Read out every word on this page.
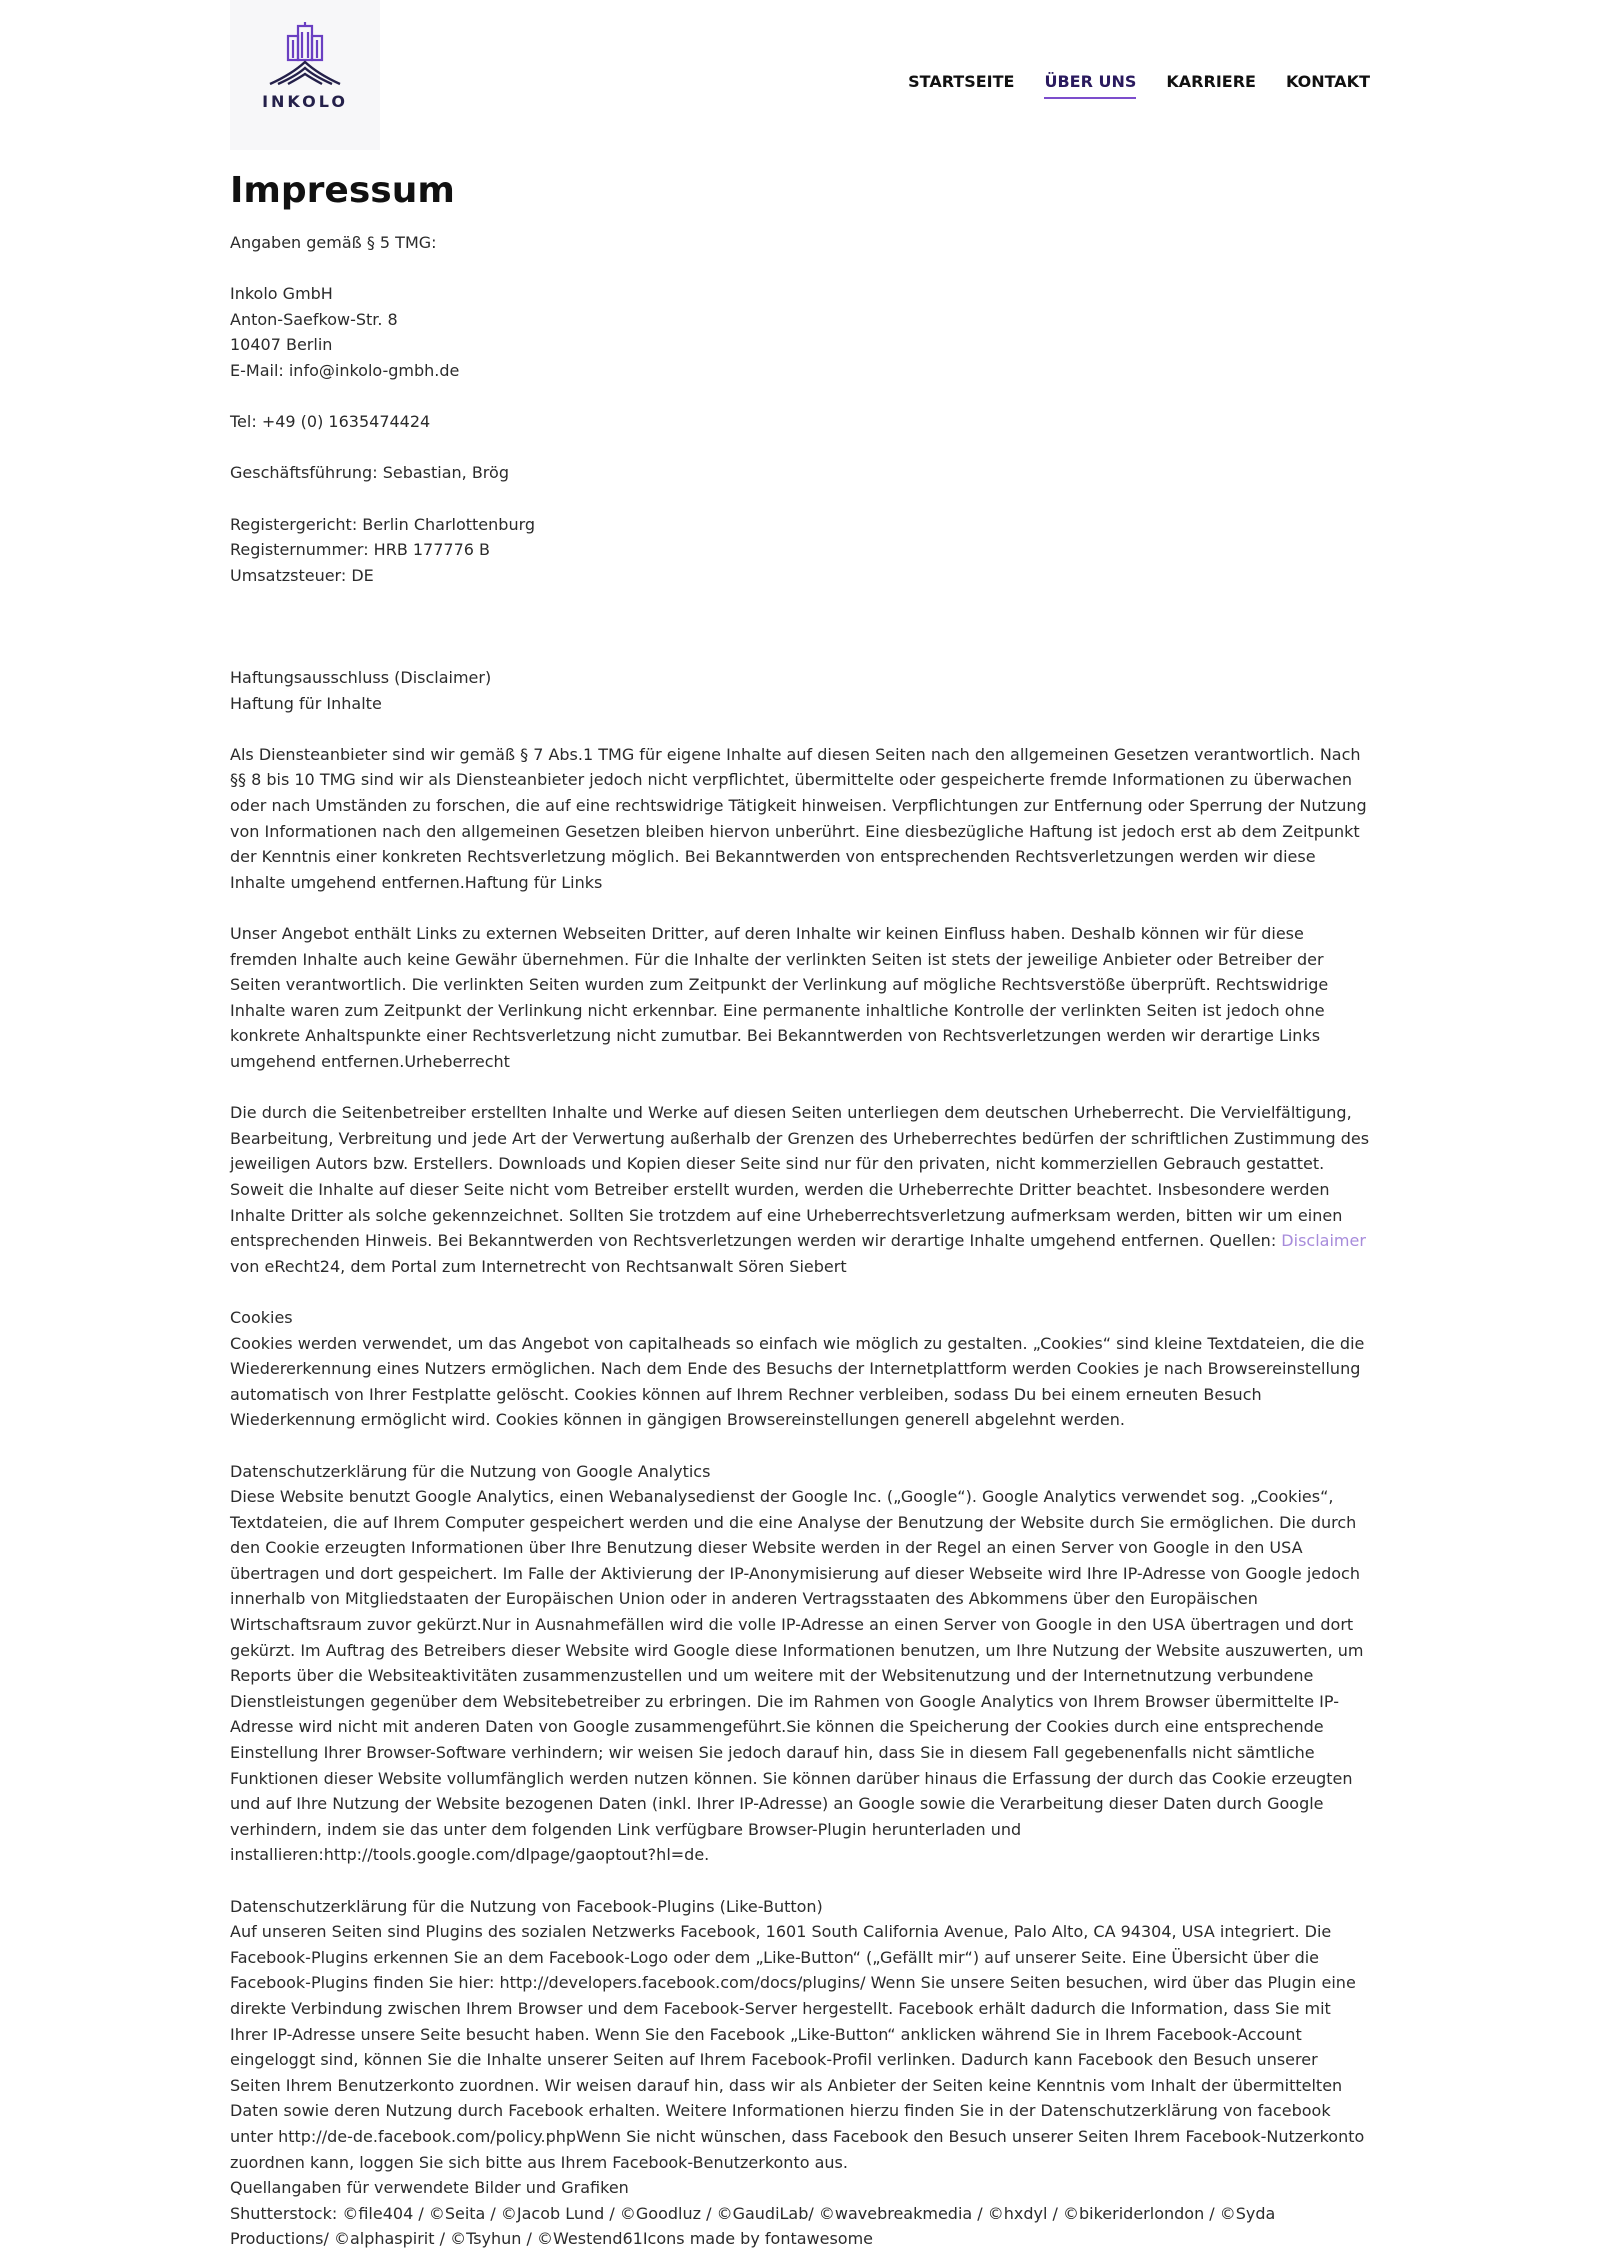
INKOLO
STARTSEITE ÜBER UNS KARRIERE KONTAKT
Impressum

Angaben gemäß § 5 TMG:

Inkolo GmbH

Anton-Saefkow-Str. 8

10407 Berlin

E-Mail: info@inkolo-gmbh.de

Tel: +49 (0) 1635474424

Geschäftsführung: Sebastian, Brög

Registergericht: Berlin Charlottenburg

Registernummer: HRB 177776 B

Umsatzsteuer: DE

Haftungsausschluss (Disclaimer)

Haftung für Inhalte

Als Diensteanbieter sind wir gemäß § 7 Abs.1 TMG für eigene Inhalte auf diesen Seiten nach den allgemeinen Gesetzen verantwortlich. Nach §§ 8 bis 10 TMG sind wir als Diensteanbieter jedoch nicht verpflichtet, übermittelte oder gespeicherte fremde Informationen zu überwachen oder nach Umständen zu forschen, die auf eine rechtswidrige Tätigkeit hinweisen. Verpflichtungen zur Entfernung oder Sperrung der Nutzung von Informationen nach den allgemeinen Gesetzen bleiben hiervon unberührt. Eine diesbezügliche Haftung ist jedoch erst ab dem Zeitpunkt der Kenntnis einer konkreten Rechtsverletzung möglich. Bei Bekanntwerden von entsprechenden Rechtsverletzungen werden wir diese Inhalte umgehend entfernen.Haftung für Links

Unser Angebot enthält Links zu externen Webseiten Dritter, auf deren Inhalte wir keinen Einfluss haben. Deshalb können wir für diese fremden Inhalte auch keine Gewähr übernehmen. Für die Inhalte der verlinkten Seiten ist stets der jeweilige Anbieter oder Betreiber der Seiten verantwortlich. Die verlinkten Seiten wurden zum Zeitpunkt der Verlinkung auf mögliche Rechtsverstöße überprüft. Rechtswidrige Inhalte waren zum Zeitpunkt der Verlinkung nicht erkennbar. Eine permanente inhaltliche Kontrolle der verlinkten Seiten ist jedoch ohne konkrete Anhaltspunkte einer Rechtsverletzung nicht zumutbar. Bei Bekanntwerden von Rechtsverletzungen werden wir derartige Links umgehend entfernen.Urheberrecht

Die durch die Seitenbetreiber erstellten Inhalte und Werke auf diesen Seiten unterliegen dem deutschen Urheberrecht. Die Vervielfältigung, Bearbeitung, Verbreitung und jede Art der Verwertung außerhalb der Grenzen des Urheberrechtes bedürfen der schriftlichen Zustimmung des jeweiligen Autors bzw. Erstellers. Downloads und Kopien dieser Seite sind nur für den privaten, nicht kommerziellen Gebrauch gestattet. Soweit die Inhalte auf dieser Seite nicht vom Betreiber erstellt wurden, werden die Urheberrechte Dritter beachtet. Insbesondere werden Inhalte Dritter als solche gekennzeichnet. Sollten Sie trotzdem auf eine Urheberrechtsverletzung aufmerksam werden, bitten wir um einen entsprechenden Hinweis. Bei Bekanntwerden von Rechtsverletzungen werden wir derartige Inhalte umgehend entfernen. Quellen: Disclaimer von eRecht24, dem Portal zum Internetrecht von Rechtsanwalt Sören Siebert

Cookies

Cookies werden verwendet, um das Angebot von capitalheads so einfach wie möglich zu gestalten. „Cookies“ sind kleine Textdateien, die die Wiedererkennung eines Nutzers ermöglichen. Nach dem Ende des Besuchs der Internetplattform werden Cookies je nach Browsereinstellung automatisch von Ihrer Festplatte gelöscht. Cookies können auf Ihrem Rechner verbleiben, sodass Du bei einem erneuten Besuch Wiederkennung ermöglicht wird. Cookies können in gängigen Browsereinstellungen generell abgelehnt werden.

Datenschutzerklärung für die Nutzung von Google Analytics

Diese Website benutzt Google Analytics, einen Webanalysedienst der Google Inc. („Google“). Google Analytics verwendet sog. „Cookies“, Textdateien, die auf Ihrem Computer gespeichert werden und die eine Analyse der Benutzung der Website durch Sie ermöglichen. Die durch den Cookie erzeugten Informationen über Ihre Benutzung dieser Website werden in der Regel an einen Server von Google in den USA übertragen und dort gespeichert. Im Falle der Aktivierung der IP-Anonymisierung auf dieser Webseite wird Ihre IP-Adresse von Google jedoch innerhalb von Mitgliedstaaten der Europäischen Union oder in anderen Vertragsstaaten des Abkommens über den Europäischen Wirtschaftsraum zuvor gekürzt.Nur in Ausnahmefällen wird die volle IP-Adresse an einen Server von Google in den USA übertragen und dort gekürzt. Im Auftrag des Betreibers dieser Website wird Google diese Informationen benutzen, um Ihre Nutzung der Website auszuwerten, um Reports über die Websiteaktivitäten zusammenzustellen und um weitere mit der Websitenutzung und der Internetnutzung verbundene Dienstleistungen gegenüber dem Websitebetreiber zu erbringen. Die im Rahmen von Google Analytics von Ihrem Browser übermittelte IP-Adresse wird nicht mit anderen Daten von Google zusammengeführt.Sie können die Speicherung der Cookies durch eine entsprechende Einstellung Ihrer Browser-Software verhindern; wir weisen Sie jedoch darauf hin, dass Sie in diesem Fall gegebenenfalls nicht sämtliche Funktionen dieser Website vollumfänglich werden nutzen können. Sie können darüber hinaus die Erfassung der durch das Cookie erzeugten und auf Ihre Nutzung der Website bezogenen Daten (inkl. Ihrer IP-Adresse) an Google sowie die Verarbeitung dieser Daten durch Google verhindern, indem sie das unter dem folgenden Link verfügbare Browser-Plugin herunterladen und installieren:http://tools.google.com/dlpage/gaoptout?hl=de.

Datenschutzerklärung für die Nutzung von Facebook-Plugins (Like-Button)

Auf unseren Seiten sind Plugins des sozialen Netzwerks Facebook, 1601 South California Avenue, Palo Alto, CA 94304, USA integriert. Die Facebook-Plugins erkennen Sie an dem Facebook-Logo oder dem „Like-Button“ („Gefällt mir“) auf unserer Seite. Eine Übersicht über die Facebook-Plugins finden Sie hier: http://developers.facebook.com/docs/plugins/ Wenn Sie unsere Seiten besuchen, wird über das Plugin eine direkte Verbindung zwischen Ihrem Browser und dem Facebook-Server hergestellt. Facebook erhält dadurch die Information, dass Sie mit Ihrer IP-Adresse unsere Seite besucht haben. Wenn Sie den Facebook „Like-Button“ anklicken während Sie in Ihrem Facebook-Account eingeloggt sind, können Sie die Inhalte unserer Seiten auf Ihrem Facebook-Profil verlinken. Dadurch kann Facebook den Besuch unserer Seiten Ihrem Benutzerkonto zuordnen. Wir weisen darauf hin, dass wir als Anbieter der Seiten keine Kenntnis vom Inhalt der übermittelten Daten sowie deren Nutzung durch Facebook erhalten. Weitere Informationen hierzu finden Sie in der Datenschutzerklärung von facebook unter http://de-de.facebook.com/policy.phpWenn Sie nicht wünschen, dass Facebook den Besuch unserer Seiten Ihrem Facebook-Nutzerkonto zuordnen kann, loggen Sie sich bitte aus Ihrem Facebook-Benutzerkonto aus.

Quellangaben für verwendete Bilder und Grafiken

Shutterstock: ©file404 / ©Seita / ©Jacob Lund / ©Goodluz / ©GaudiLab/ ©wavebreakmedia / ©hxdyl / ©bikeriderlondon / ©Syda Productions/ ©alphaspirit / ©Tsyhun / ©Westend61Icons made by fontawesome
